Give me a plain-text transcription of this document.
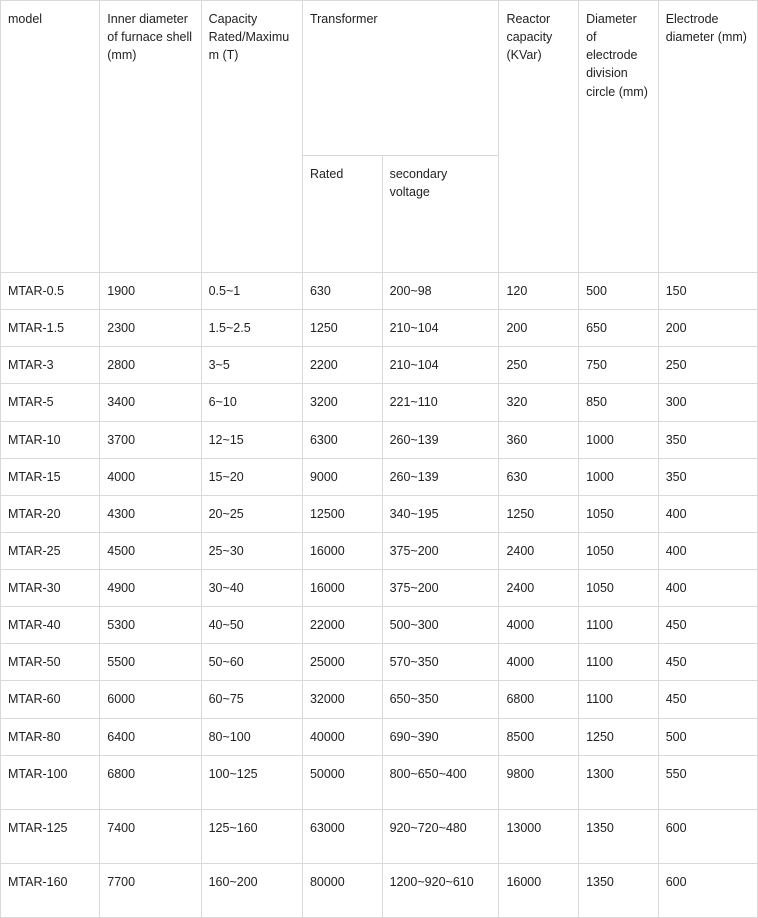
model	Inner diameter of furnace shell (mm)	Capacity Rated/Maximum (T)	Transformer		Reactor capacity (KVar)	Diameter of electrode division circle (mm)	Electrode diameter (mm)
			Rated	secondary voltage			
MTAR-0.5	1900	0.5~1	630	200~98	120	500	150
MTAR-1.5	2300	1.5~2.5	1250	210~104	200	650	200
MTAR-3	2800	3~5	2200	210~104	250	750	250
MTAR-5	3400	6~10	3200	221~110	320	850	300
MTAR-10	3700	12~15	6300	260~139	360	1000	350
MTAR-15	4000	15~20	9000	260~139	630	1000	350
MTAR-20	4300	20~25	12500	340~195	1250	1050	400
MTAR-25	4500	25~30	16000	375~200	2400	1050	400
MTAR-30	4900	30~40	16000	375~200	2400	1050	400
MTAR-40	5300	40~50	22000	500~300	4000	1100	450
MTAR-50	5500	50~60	25000	570~350	4000	1100	450
MTAR-60	6000	60~75	32000	650~350	6800	1100	450
MTAR-80	6400	80~100	40000	690~390	8500	1250	500
MTAR-100	6800	100~125	50000	800~650~400	9800	1300	550
MTAR-125	7400	125~160	63000	920~720~480	13000	1350	600
MTAR-160	7700	160~200	80000	1200~920~610	16000	1350	600
